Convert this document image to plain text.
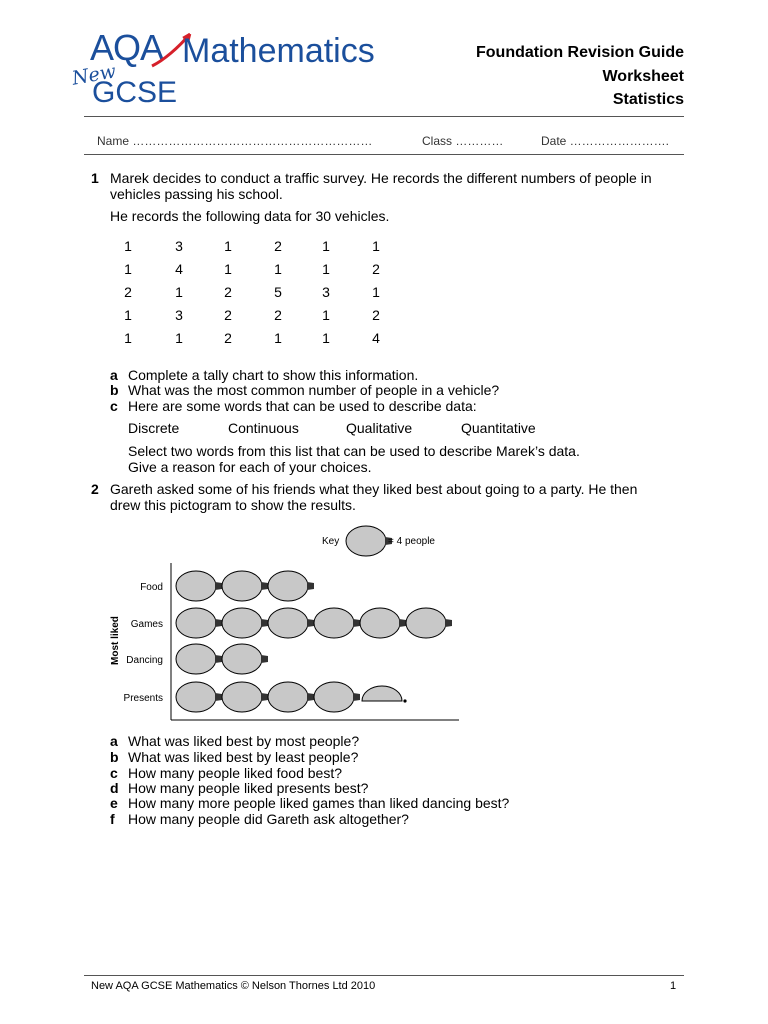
AQA Mathematics
New
GCSE
Foundation Revision Guide
Worksheet
Statistics
Name ……………………………………………………	Class …………	Date …………………….
1 Marek decides to conduct a traffic survey. He records the different numbers of people in vehicles passing his school.
He records the following data for 30 vehicles.
1	3	1	2	1	1
1	4	1	1	1	2
2	1	2	5	3	1
1	3	2	2	1	2
1	1	2	1	1	4
a Complete a tally chart to show this information.
b What was the most common number of people in a vehicle?
c Here are some words that can be used to describe data:
Discrete	Continuous	Qualitative	Quantitative
Select two words from this list that can be used to describe Marek’s data.
Give a reason for each of your choices.
2 Gareth asked some of his friends what they liked best about going to a party. He then drew this pictogram to show the results.
Key	= 4 people
Most liked
Food
Games
Dancing
Presents
a What was liked best by most people?
b What was liked best by least people?
c How many people liked food best?
d How many people liked presents best?
e How many more people liked games than liked dancing best?
f How many people did Gareth ask altogether?
New AQA GCSE Mathematics © Nelson Thornes Ltd 2010	1
